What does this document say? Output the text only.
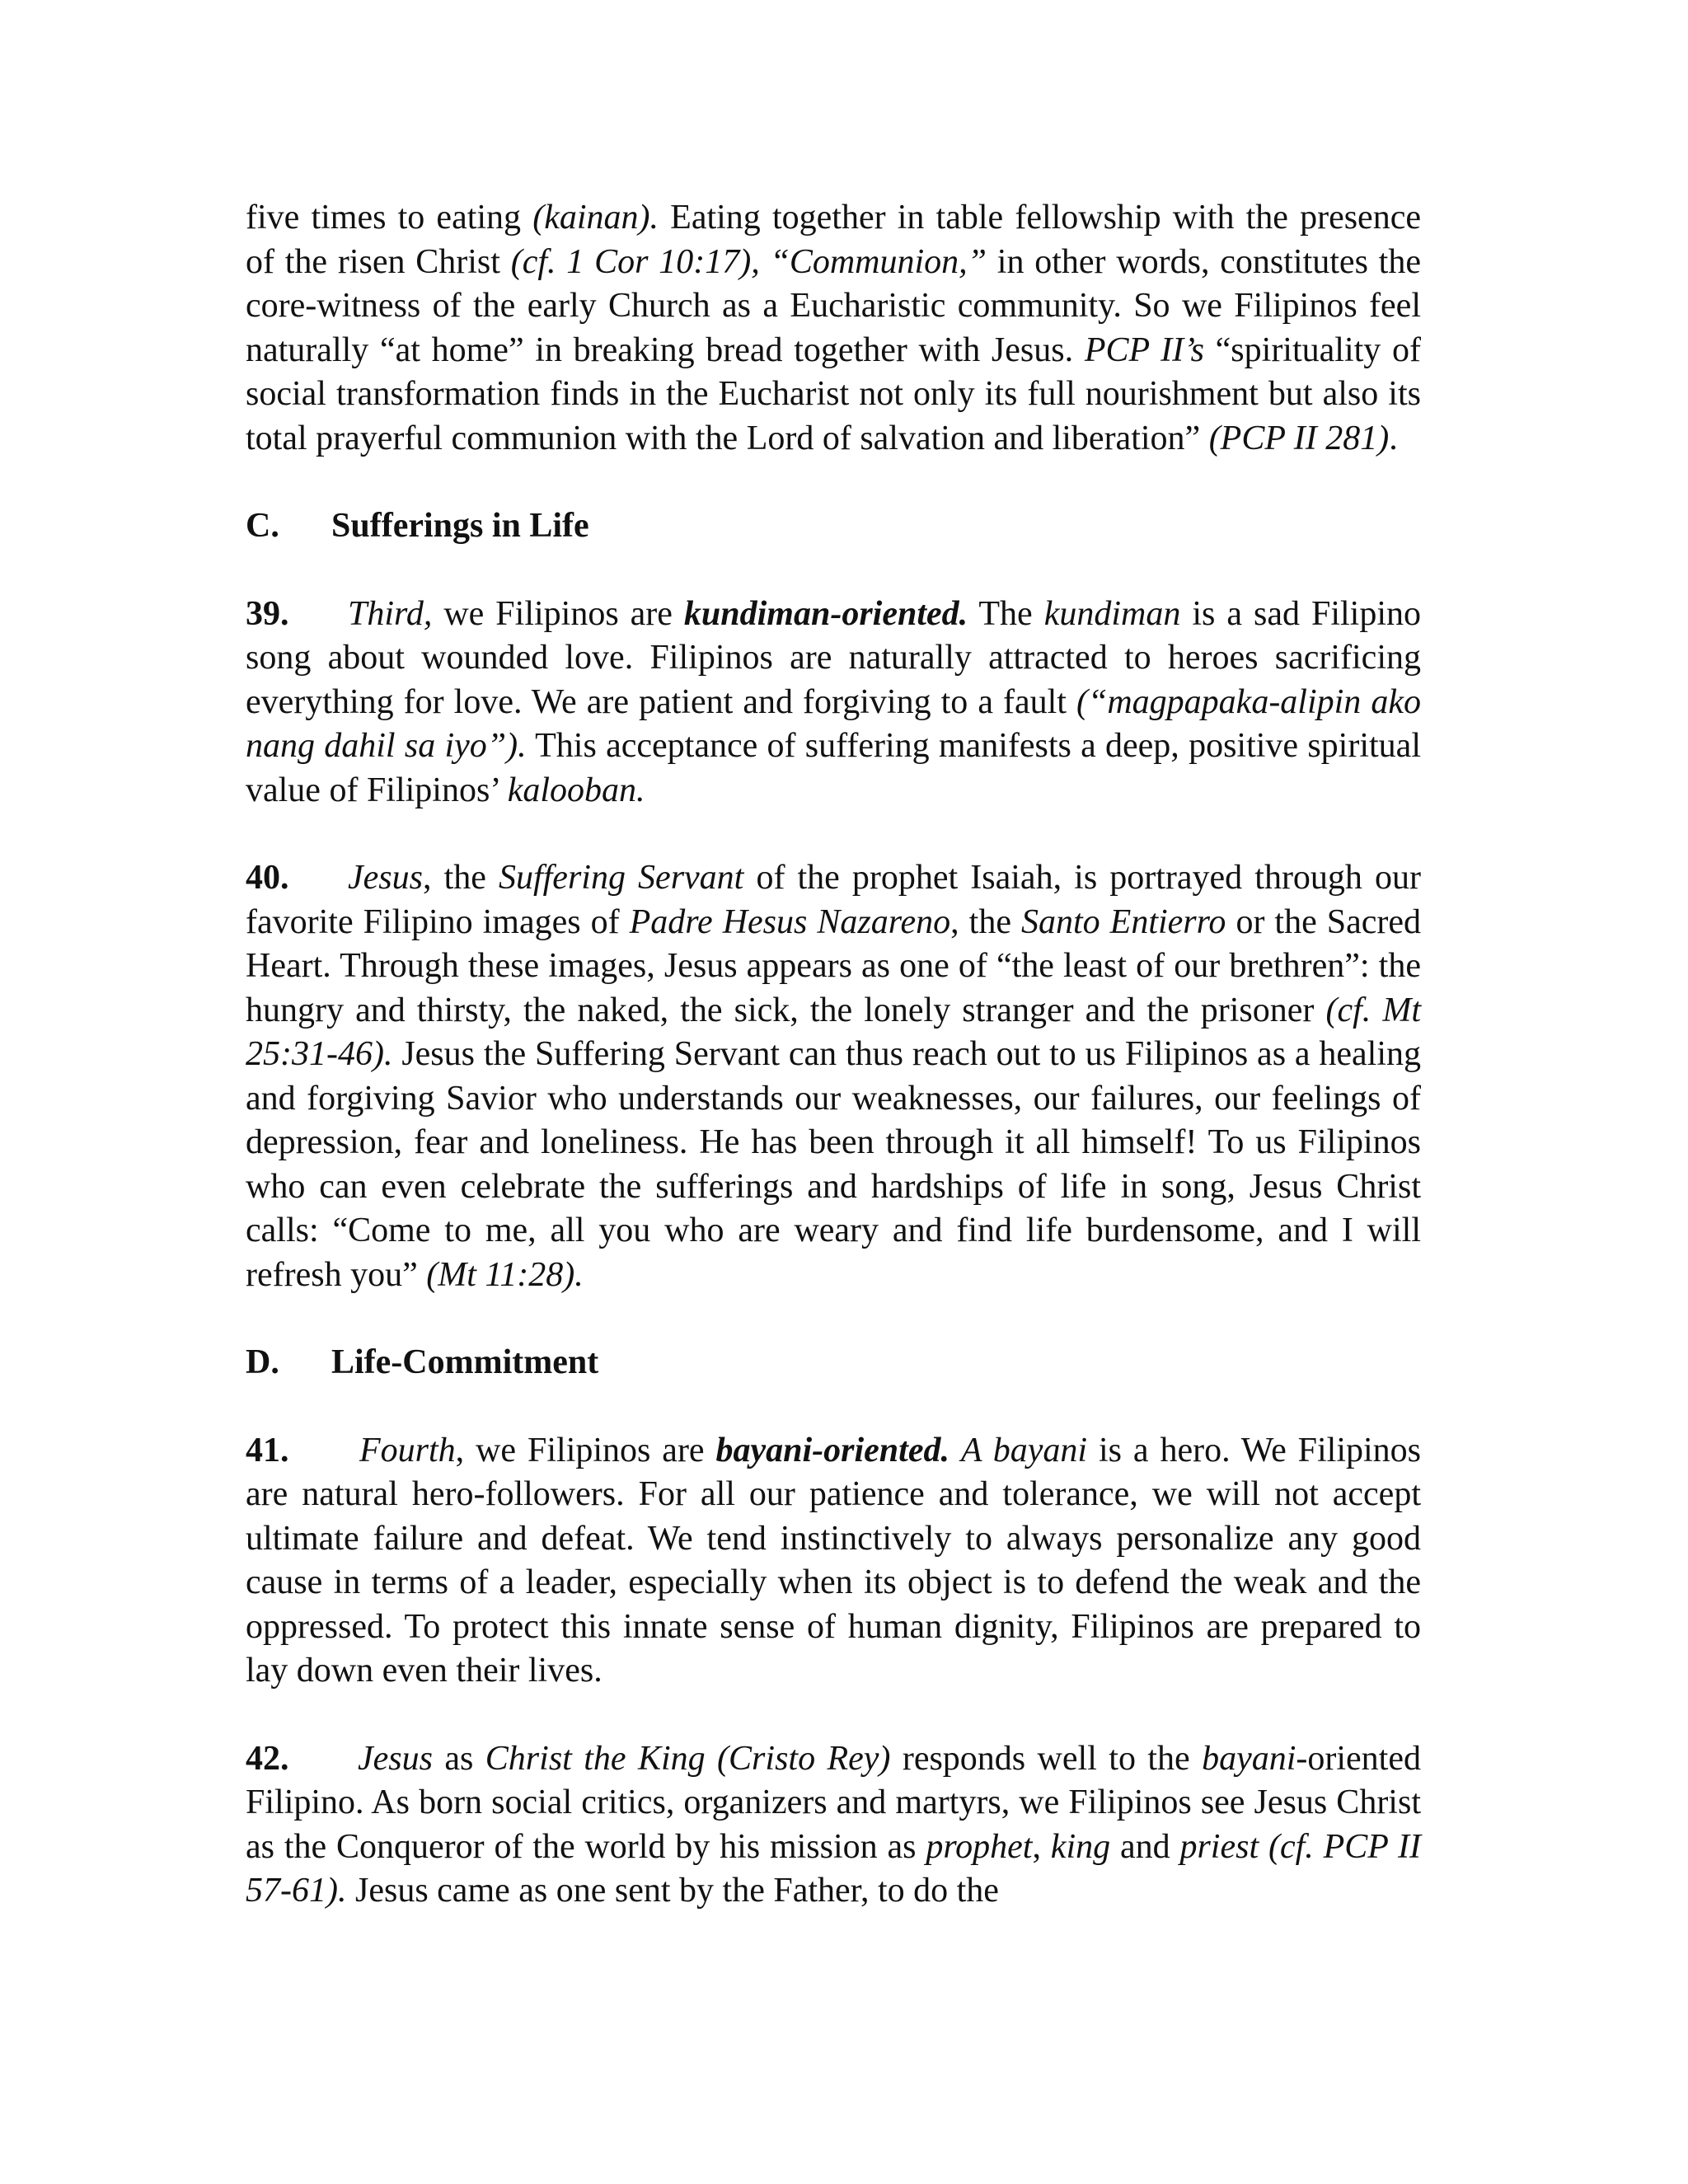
five times to eating (kainan). Eating together in table fellowship with the presence of the risen Christ (cf. 1 Cor 10:17), “Communion,” in other words, constitutes the core-witness of the early Church as a Eucharistic community. So we Filipinos feel naturally “at home” in breaking bread together with Jesus. PCP II’s “spirituality of social transformation finds in the Eucharist not only its full nourishment but also its total prayerful communion with the Lord of salvation and liberation” (PCP II 281).

C. Sufferings in Life

39. Third, we Filipinos are kundiman-oriented. The kundiman is a sad Filipino song about wounded love. Filipinos are naturally attracted to heroes sacrificing everything for love. We are patient and forgiving to a fault (“magpapaka-alipin ako nang dahil sa iyo”). This acceptance of suffering manifests a deep, positive spiritual value of Filipinos’ kalooban.

40. Jesus, the Suffering Servant of the prophet Isaiah, is portrayed through our favorite Filipino images of Padre Hesus Nazareno, the Santo Entierro or the Sacred Heart. Through these images, Jesus appears as one of “the least of our brethren”: the hungry and thirsty, the naked, the sick, the lonely stranger and the prisoner (cf. Mt 25:31-46). Jesus the Suffering Servant can thus reach out to us Filipinos as a healing and forgiving Savior who understands our weaknesses, our failures, our feelings of depression, fear and loneliness. He has been through it all himself! To us Filipinos who can even celebrate the sufferings and hardships of life in song, Jesus Christ calls: “Come to me, all you who are weary and find life burdensome, and I will refresh you” (Mt 11:28).

D. Life-Commitment

41. Fourth, we Filipinos are bayani-oriented. A bayani is a hero. We Filipinos are natural hero-followers. For all our patience and tolerance, we will not accept ultimate failure and defeat. We tend instinctively to always personalize any good cause in terms of a leader, especially when its object is to defend the weak and the oppressed. To protect this innate sense of human dignity, Filipinos are prepared to lay down even their lives.

42. Jesus as Christ the King (Cristo Rey) responds well to the bayani-oriented Filipino. As born social critics, organizers and martyrs, we Filipinos see Jesus Christ as the Conqueror of the world by his mission as prophet, king and priest (cf. PCP II 57-61). Jesus came as one sent by the Father, to do the
